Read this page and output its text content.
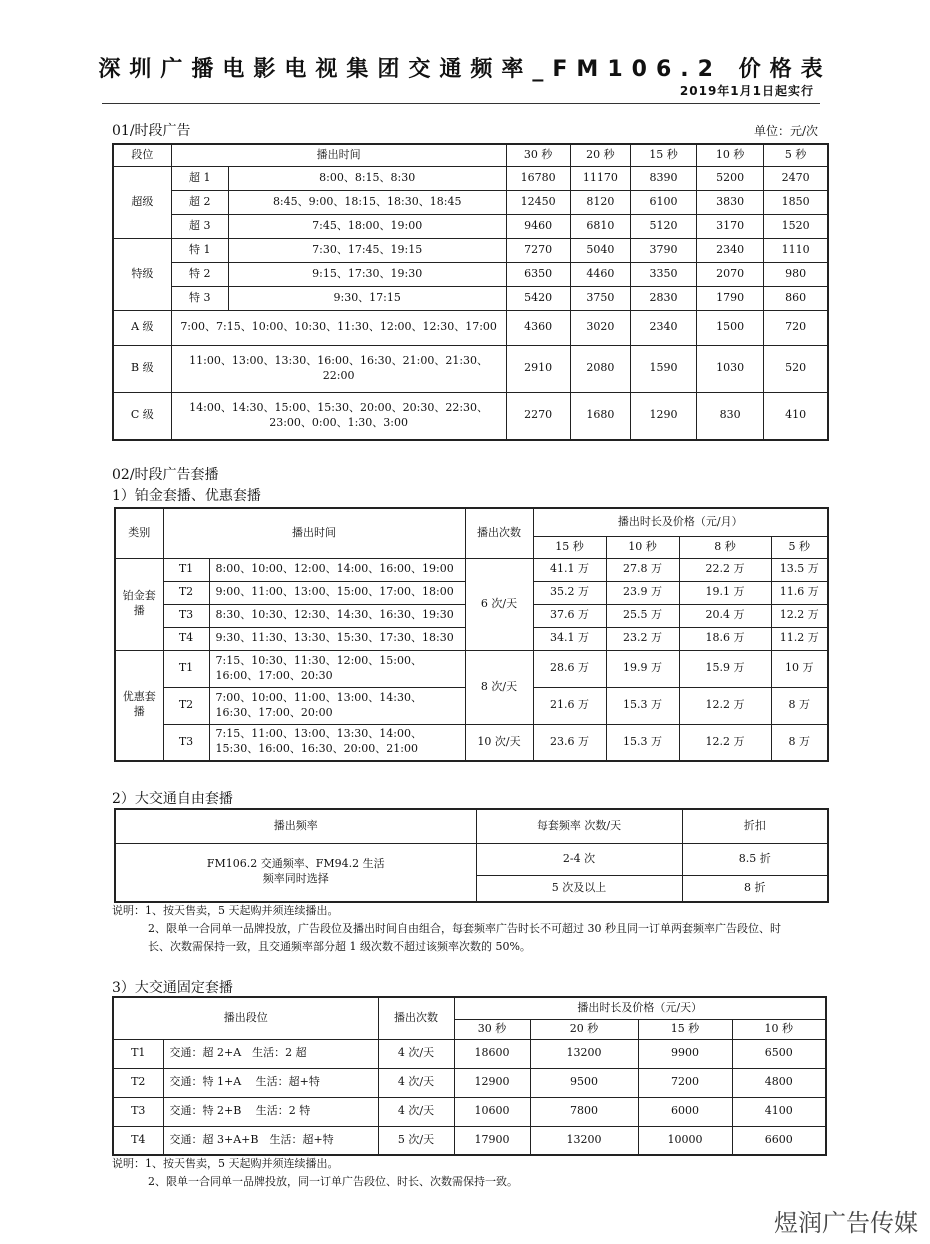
深圳广播电影电视集团交通频率_FM106.2 价格表
2019年1月1日起实行
01/时段广告	单位：元/次
段位	播出时间		30 秒	20 秒	15 秒	10 秒	5 秒
超级	超 1	8:00、8:15、8:30	16780	11170	8390	5200	2470
	超 2	8:45、9:00、18:15、18:30、18:45	12450	8120	6100	3830	1850
	超 3	7:45、18:00、19:00	9460	6810	5120	3170	1520
特级	特 1	7:30、17:45、19:15	7270	5040	3790	2340	1110
	特 2	9:15、17:30、19:30	6350	4460	3350	2070	980
	特 3	9:30、17:15	5420	3750	2830	1790	860
A 级	7:00、7:15、10:00、10:30、11:30、12:00、12:30、17:00		4360	3020	2340	1500	720
B 级	11:00、13:00、13:30、16:00、16:30、21:00、21:30、22:00		2910	2080	1590	1030	520
C 级	14:00、14:30、15:00、15:30、20:00、20:30、22:30、23:00、0:00、1:30、3:00		2270	1680	1290	830	410
02/时段广告套播
1）铂金套播、优惠套播
类别	播出时间		播出次数	播出时长及价格（元/月）			
				15 秒	10 秒	8 秒	5 秒
铂金套播	T1	8:00、10:00、12:00、14:00、16:00、19:00	6 次/天	41.1 万	27.8 万	22.2 万	13.5 万
	T2	9:00、11:00、13:00、15:00、17:00、18:00		35.2 万	23.9 万	19.1 万	11.6 万
	T3	8:30、10:30、12:30、14:30、16:30、19:30		37.6 万	25.5 万	20.4 万	12.2 万
	T4	9:30、11:30、13:30、15:30、17:30、18:30		34.1 万	23.2 万	18.6 万	11.2 万
优惠套播	T1	7:15、10:30、11:30、12:00、15:00、16:00、17:00、20:30	8 次/天	28.6 万	19.9 万	15.9 万	10 万
	T2	7:00、10:00、11:00、13:00、14:30、16:30、17:00、20:00		21.6 万	15.3 万	12.2 万	8 万
	T3	7:15、11:00、13:00、13:30、14:00、15:30、16:00、16:30、20:00、21:00	10 次/天	23.6 万	15.3 万	12.2 万	8 万
2）大交通自由套播
播出频率	每套频率 次数/天	折扣
FM106.2 交通频率、FM94.2 生活频率同时选择	2-4 次	8.5 折
	5 次及以上	8 折
说明：1、按天售卖，5 天起购并须连续播出。
2、限单一合同单一品牌投放，广告段位及播出时间自由组合，每套频率广告时长不可超过 30 秒且同一订单两套频率广告段位、时长、次数需保持一致，且交通频率部分超 1 级次数不超过该频率次数的 50%。
3）大交通固定套播
播出段位		播出次数	播出时长及价格（元/天）			
			30 秒	20 秒	15 秒	10 秒
T1	交通：超 2+A　生活：2 超	4 次/天	18600	13200	9900	6500
T2	交通：特 1+A　 生活：超+特	4 次/天	12900	9500	7200	4800
T3	交通：特 2+B　 生活：2 特	4 次/天	10600	7800	6000	4100
T4	交通：超 3+A+B　生活：超+特	5 次/天	17900	13200	10000	6600
说明：1、按天售卖，5 天起购并须连续播出。
2、限单一合同单一品牌投放，同一订单广告段位、时长、次数需保持一致。
煜润广告传媒
